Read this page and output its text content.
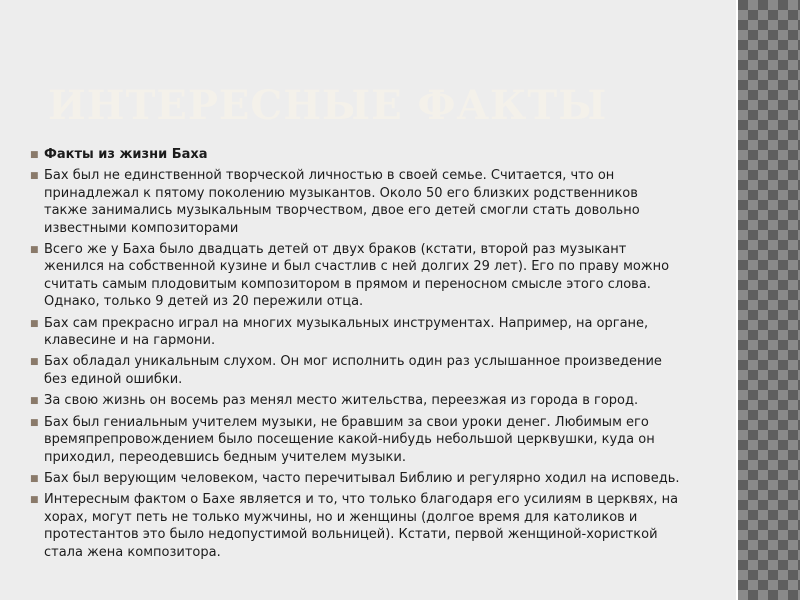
ИНТЕРЕСНЫЕ ФАКТЫ
■ Факты из жизни Баха
■ Бах был не единственной творческой личностью в своей семье. Считается, что он принадлежал к пятому поколению музыкантов. Около 50 его близких родственников также занимались музыкальным творчеством, двое его детей смогли стать довольно известными композиторами
■ Всего же у Баха было двадцать детей от двух браков (кстати, второй раз музыкант женился на собственной кузине и был счастлив с ней долгих 29 лет). Его по праву можно считать самым плодовитым композитором в прямом и переносном смысле этого слова. Однако, только 9 детей из 20 пережили отца.
■ Бах сам прекрасно играл на многих музыкальных инструментах. Например, на органе, клавесине и на гармони.
■ Бах обладал уникальным слухом. Он мог исполнить один раз услышанное произведение без единой ошибки.
■ За свою жизнь он восемь раз менял место жительства, переезжая из города в город.
■ Бах был гениальным учителем музыки, не бравшим за свои уроки денег. Любимым его времяпрепровождением было посещение какой-нибудь небольшой церквушки, куда он приходил, переодевшись бедным учителем музыки.
■ Бах был верующим человеком, часто перечитывал Библию и регулярно ходил на исповедь.
■ Интересным фактом о Бахе является и то, что только благодаря его усилиям в церквях, на хорах, могут петь не только мужчины, но и женщины (долгое время для католиков и протестантов это было недопустимой вольницей). Кстати, первой женщиной-хористкой стала жена композитора.
